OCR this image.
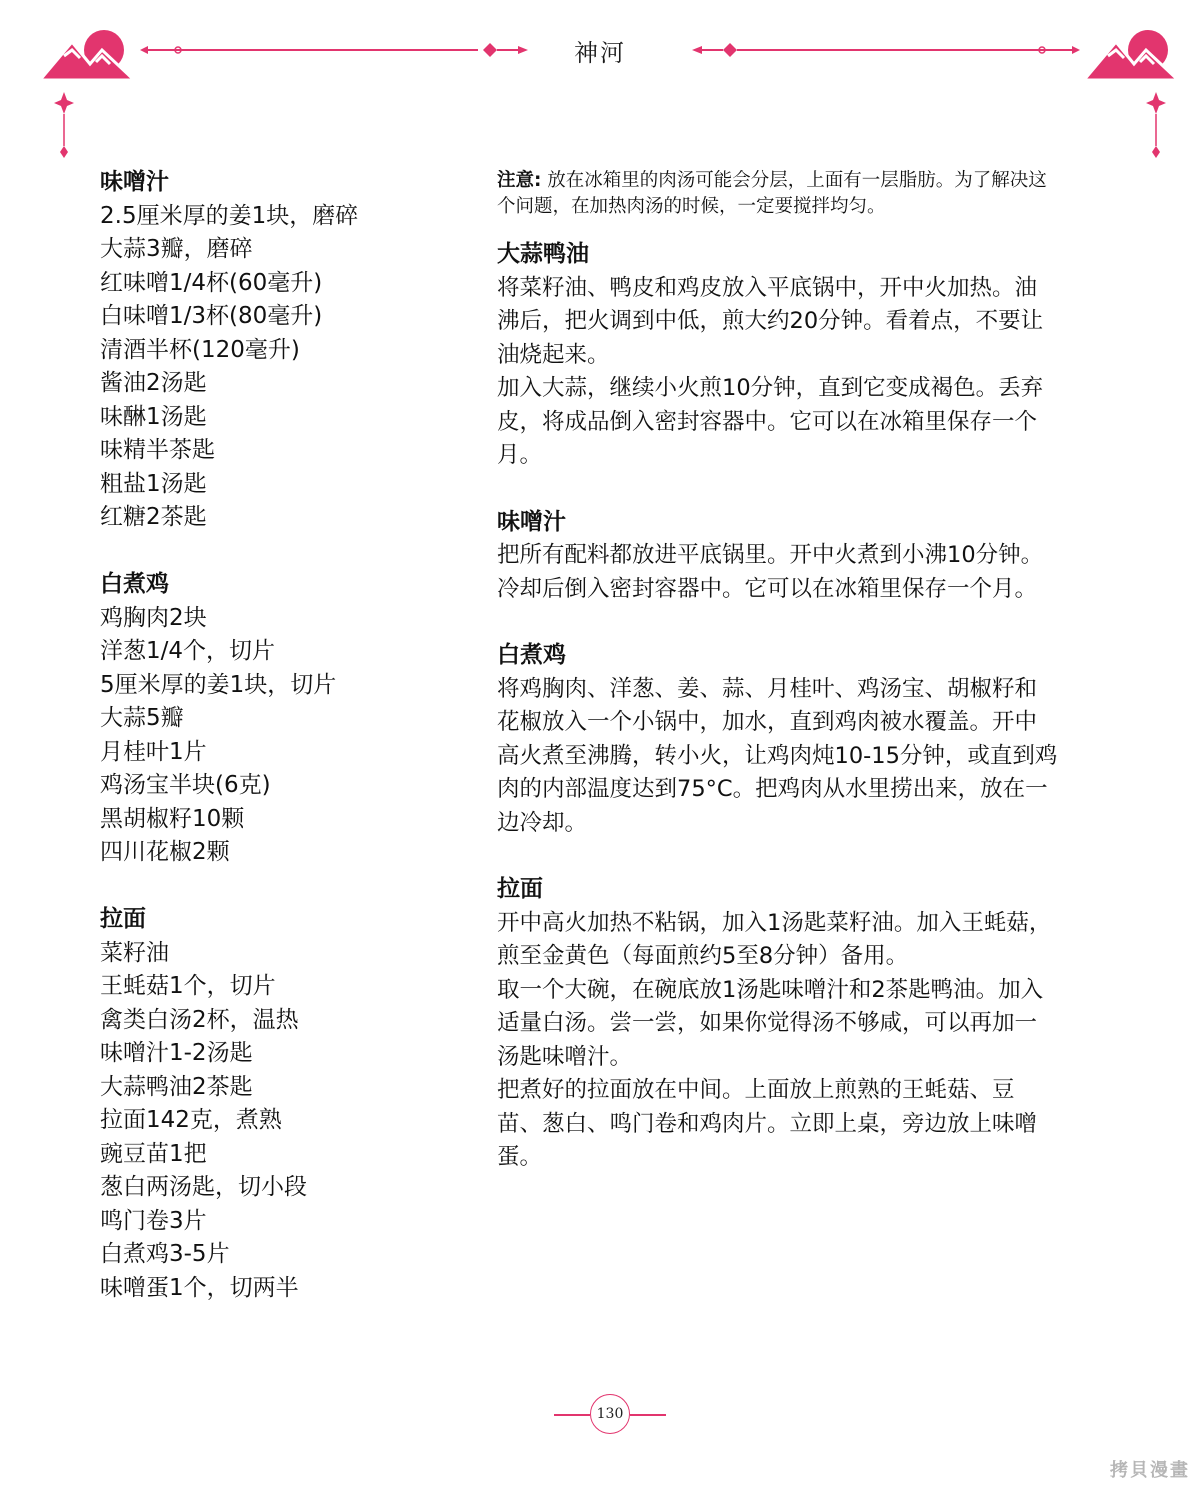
神河
味噌汁
2.5厘米厚的姜1块，磨碎
大蒜3瓣，磨碎
红味噌1/4杯(60毫升)
白味噌1/3杯(80毫升)
清酒半杯(120毫升)
酱油2汤匙
味醂1汤匙
味精半茶匙
粗盐1汤匙
红糖2茶匙
白煮鸡
鸡胸肉2块
洋葱1/4个，切片
5厘米厚的姜1块，切片
大蒜5瓣
月桂叶1片
鸡汤宝半块(6克)
黑胡椒籽10颗
四川花椒2颗
拉面
菜籽油
王蚝菇1个，切片
禽类白汤2杯，温热
味噌汁1-2汤匙
大蒜鸭油2茶匙
拉面142克，煮熟
豌豆苗1把
葱白两汤匙，切小段
鸣门卷3片
白煮鸡3-5片
味噌蛋1个，切两半
注意: 放在冰箱里的肉汤可能会分层，上面有一层脂肪。为了解决这
个问题，在加热肉汤的时候，一定要搅拌均匀。
大蒜鸭油
将菜籽油、鸭皮和鸡皮放入平底锅中，开中火加热。油
沸后，把火调到中低，煎大约20分钟。看着点，不要让
油烧起来。
加入大蒜，继续小火煎10分钟，直到它变成褐色。丢弃
皮，将成品倒入密封容器中。它可以在冰箱里保存一个
月。
味噌汁
把所有配料都放进平底锅里。开中火煮到小沸10分钟。
冷却后倒入密封容器中。它可以在冰箱里保存一个月。
白煮鸡
将鸡胸肉、洋葱、姜、蒜、月桂叶、鸡汤宝、胡椒籽和
花椒放入一个小锅中，加水，直到鸡肉被水覆盖。开中
高火煮至沸腾，转小火，让鸡肉炖10-15分钟，或直到鸡
肉的内部温度达到75°C。把鸡肉从水里捞出来，放在一
边冷却。
拉面
开中高火加热不粘锅，加入1汤匙菜籽油。加入王蚝菇，
煎至金黄色（每面煎约5至8分钟）备用。
取一个大碗，在碗底放1汤匙味噌汁和2茶匙鸭油。加入
适量白汤。尝一尝，如果你觉得汤不够咸，可以再加一
汤匙味噌汁。
把煮好的拉面放在中间。上面放上煎熟的王蚝菇、豆
苗、葱白、鸣门卷和鸡肉片。立即上桌，旁边放上味噌
蛋。
130
拷貝漫畫
